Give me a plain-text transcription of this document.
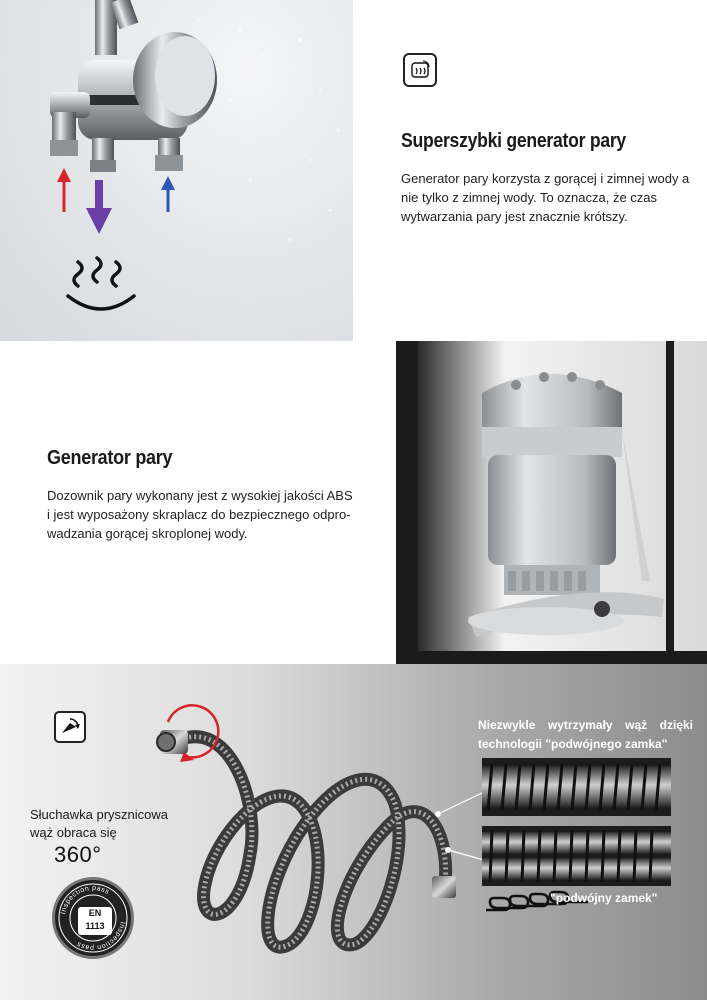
Superszybki generator pary

Generator pary korzysta z gorącej i zimnej wody a nie tylko z zimnej wody. To oznacza, że czas wytwarzania pary jest znacznie krótszy.

Generator pary

Dozownik pary wykonany jest z wysokiej jakości ABS i jest wyposażony skraplacz do bezpiecznego odpro-wadzania gorącej skroplonej wody.

Słuchawka prysznicowa wąż obraca się

360°
Inspection pass
Inspection pass
EN
1113

Niezwykle wytrzymały wąż dzięki technologii "podwójnego zamka"

"podwójny zamek"
